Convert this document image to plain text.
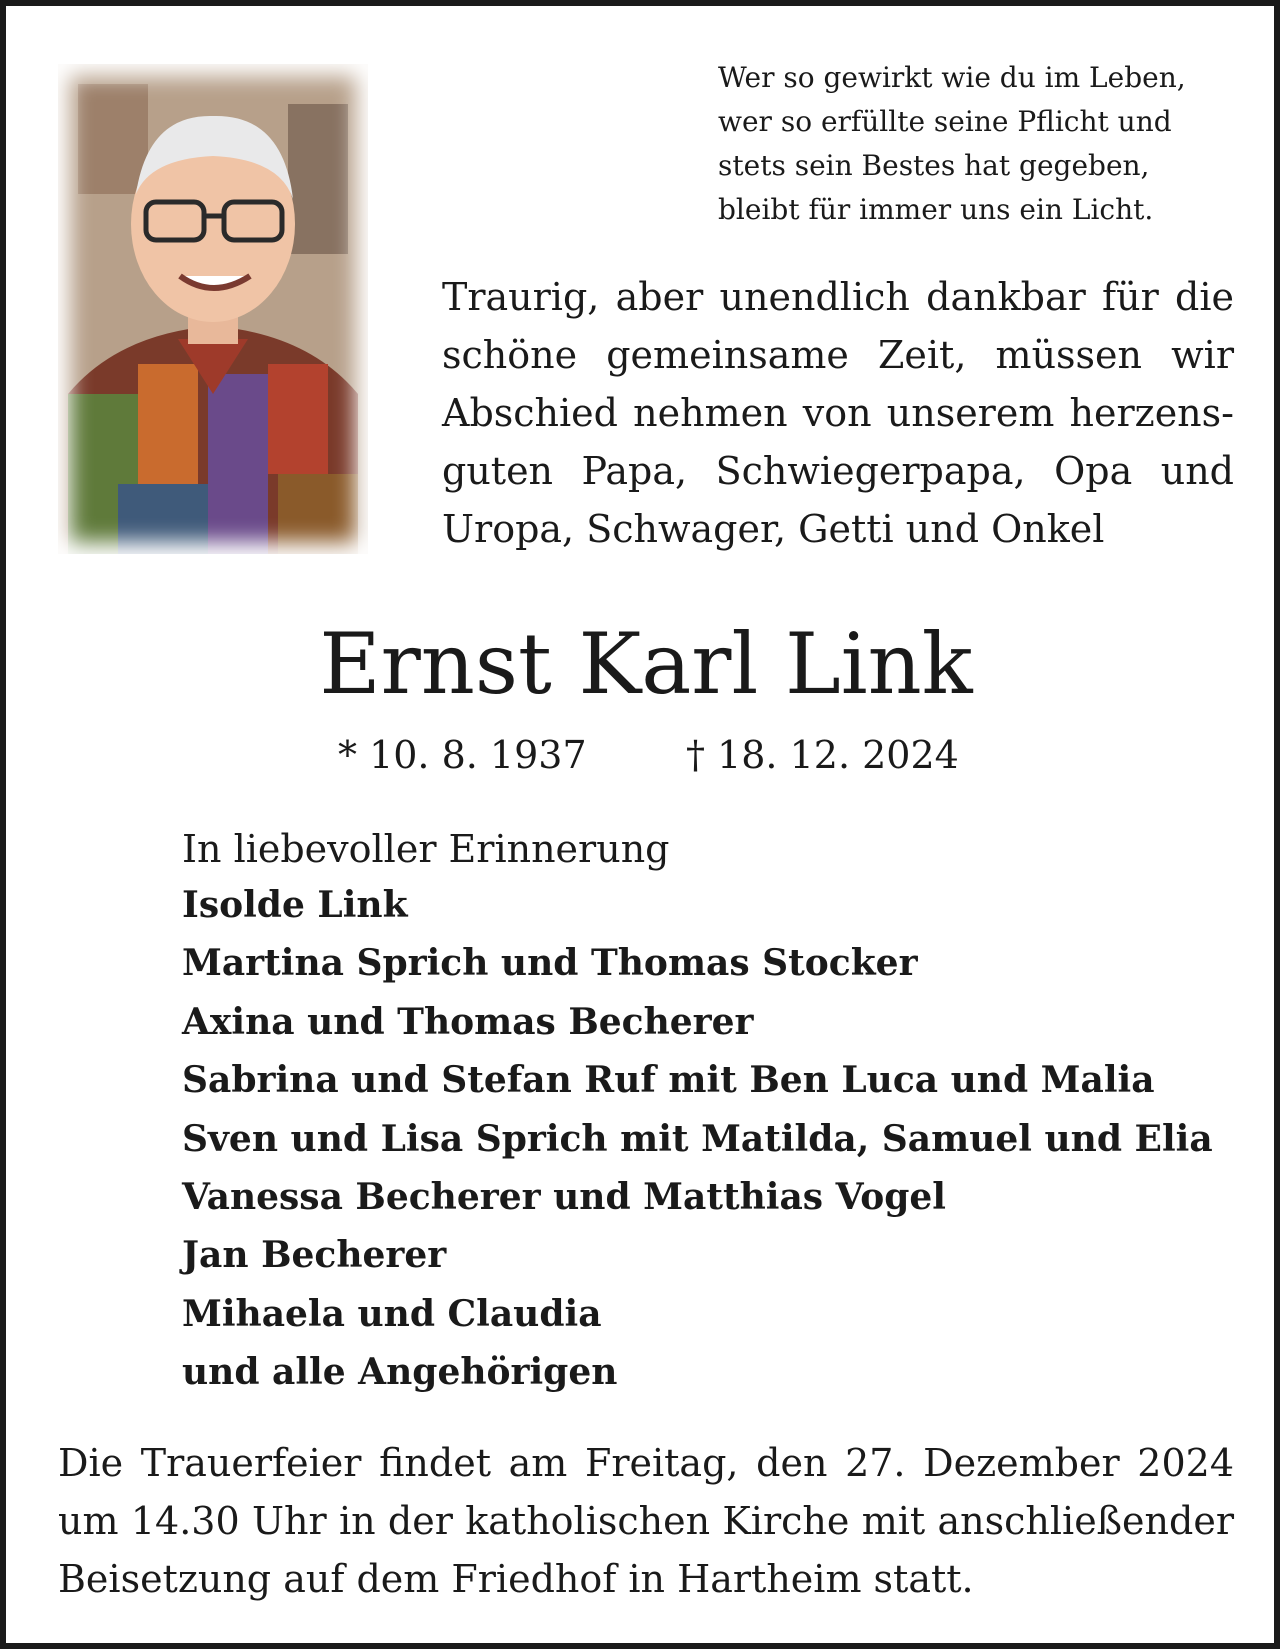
Wer so gewirkt wie du im Leben,
wer so erfüllte seine Pflicht und
stets sein Bestes hat gegeben,
bleibt für immer uns ein Licht.
Traurig, aber unendlich dankbar für die
schöne gemeinsame Zeit, müssen wir
Abschied nehmen von unserem herzens-
guten Papa, Schwiegerpapa, Opa und
Uropa, Schwager, Getti und Onkel
Ernst Karl Link
* 10. 8. 1937	† 18. 12. 2024
In liebevoller Erinnerung
Isolde Link
Martina Sprich und Thomas Stocker
Axina und Thomas Becherer
Sabrina und Stefan Ruf mit Ben Luca und Malia
Sven und Lisa Sprich mit Matilda, Samuel und Elia
Vanessa Becherer und Matthias Vogel
Jan Becherer
Mihaela und Claudia
und alle Angehörigen
Die Trauerfeier findet am Freitag, den 27. Dezember 2024
um 14.30 Uhr in der katholischen Kirche mit anschließender
Beisetzung auf dem Friedhof in Hartheim statt.
